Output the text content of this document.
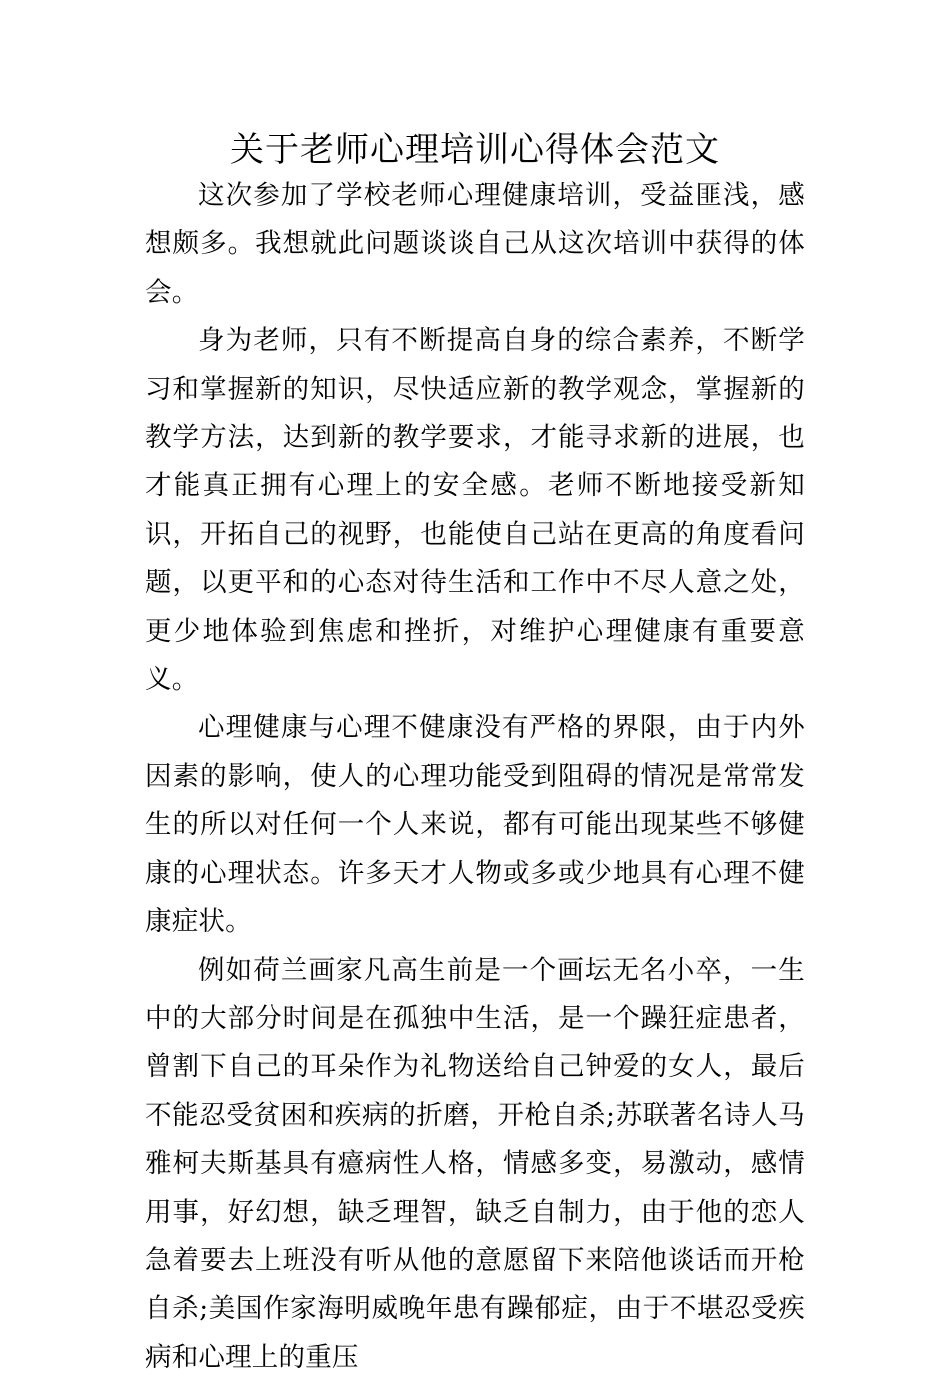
关于老师心理培训心得体会范文

这次参加了学校老师心理健康培训，受益匪浅，感想颇多。我想就此问题谈谈自己从这次培训中获得的体会。

身为老师，只有不断提高自身的综合素养，不断学习和掌握新的知识，尽快适应新的教学观念，掌握新的教学方法，达到新的教学要求，才能寻求新的进展，也才能真正拥有心理上的安全感。老师不断地接受新知识，开拓自己的视野，也能使自己站在更高的角度看问题，以更平和的心态对待生活和工作中不尽人意之处，更少地体验到焦虑和挫折，对维护心理健康有重要意义。

心理健康与心理不健康没有严格的界限，由于内外因素的影响，使人的心理功能受到阻碍的情况是常常发生的所以对任何一个人来说，都有可能出现某些不够健康的心理状态。许多天才人物或多或少地具有心理不健康症状。

例如荷兰画家凡高生前是一个画坛无名小卒，一生中的大部分时间是在孤独中生活，是一个躁狂症患者，曾割下自己的耳朵作为礼物送给自己钟爱的女人，最后不能忍受贫困和疾病的折磨，开枪自杀;苏联著名诗人马雅柯夫斯基具有癔病性人格，情感多变，易激动，感情用事，好幻想，缺乏理智，缺乏自制力，由于他的恋人急着要去上班没有听从他的意愿留下来陪他谈话而开枪自杀;美国作家海明威晚年患有躁郁症，由于不堪忍受疾病和心理上的重压
